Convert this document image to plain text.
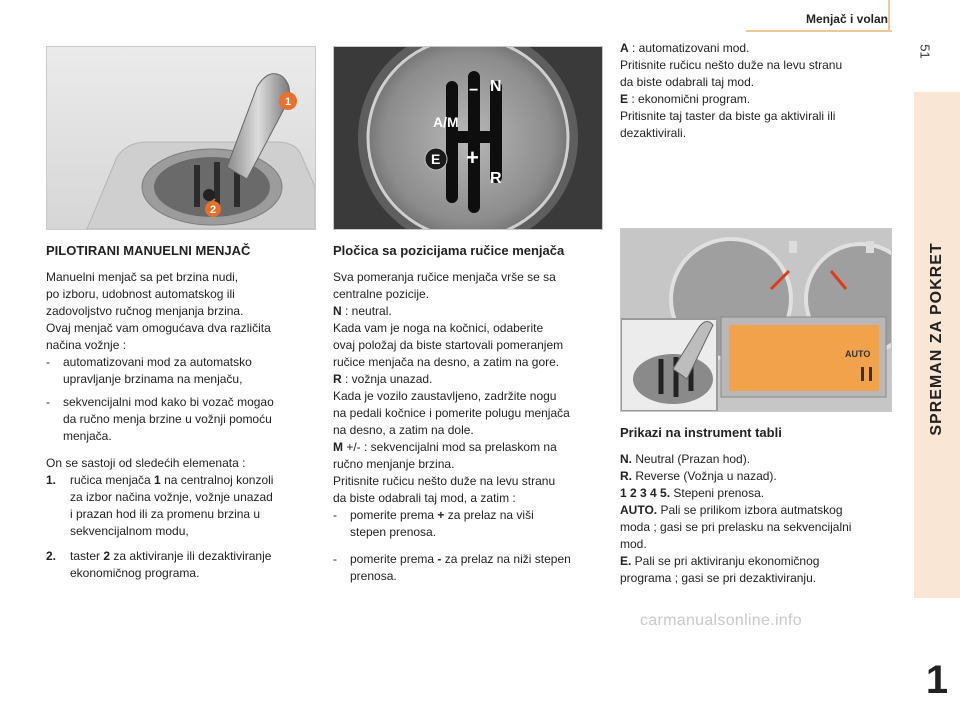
Menjač i volan
51
SPREMAN ZA POKRET
1
1
2
A/M
− N
+
R
E
AUTO
PILOTIRANI MANUELNI MENJAČ

Manuelni menjač sa pet brzina nudi,
po izboru, udobnost automatskog ili
zadovoljstvo ručnog menjanja brzina.
Ovaj menjač vam omogućava dva različita
načina vožnje :

- automatizovani mod za automatsko
upravljanje brzinama na menjaču,
- sekvencijalni mod kako bi vozač mogao
da ručno menja brzine u vožnji pomoću
menjača.

On se sastoji od sledećih elemenata :

1. ručica menjača 1 na centralnoj konzoli
za izbor načina vožnje, vožnje unazad
i prazan hod ili za promenu brzina u
sekvencijalnom modu,
2. taster 2 za aktiviranje ili dezaktiviranje
ekonomičnog programa.
Pločica sa pozicijama ručice menjača
Sva pomeranja ručice menjača vrše se sa
centralne pozicije.
N : neutral.
Kada vam je noga na kočnici, odaberite
ovaj položaj da biste startovali pomeranjem
ručice menjača na desno, a zatim na gore.
R : vožnja unazad.
Kada je vozilo zaustavljeno, zadržite nogu
na pedali kočnice i pomerite polugu menjača
na desno, a zatim na dole.
M +/- : sekvencijalni mod sa prelaskom na
ručno menjanje brzina.
Pritisnite ručicu nešto duže na levu stranu
da biste odabrali taj mod, a zatim :
- pomerite prema + za prelaz na viši
stepen prenosa.
- pomerite prema - za prelaz na niži stepen
prenosa.
A : automatizovani mod.
Pritisnite ručicu nešto duže na levu stranu
da biste odabrali taj mod.
E : ekonomični program.
Pritisnite taj taster da biste ga aktivirali ili
dezaktivirali.
Prikazi na instrument tabli
N. Neutral (Prazan hod).
R. Reverse (Vožnja u nazad).
1 2 3 4 5. Stepeni prenosa.
AUTO. Pali se prilikom izbora autmatskog
moda ; gasi se pri prelasku na sekvencijalni
mod.
E. Pali se pri aktiviranju ekonomičnog
programa ; gasi se pri dezaktiviranju.
carmanualsonline.info
